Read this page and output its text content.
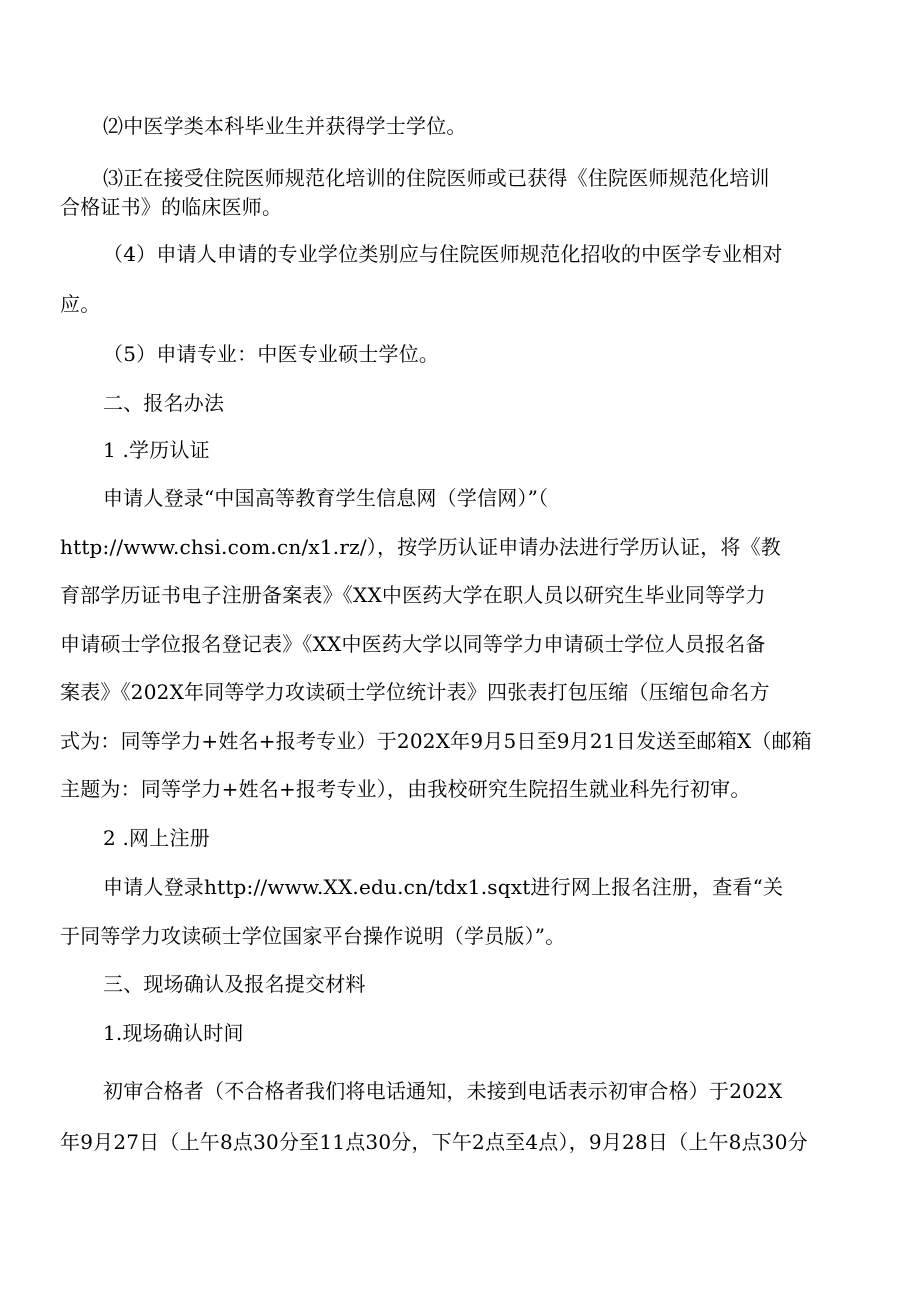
⑵中医学类本科毕业生并获得学士学位。
⑶正在接受住院医师规范化培训的住院医师或已获得《住院医师规范化培训
合格证书》的临床医师。
（4）申请人申请的专业学位类别应与住院医师规范化招收的中医学专业相对
应。
（5）申请专业：中医专业硕士学位。
二、报名办法
1 .学历认证
申请人登录“中国高等教育学生信息网（学信网）”（
http://www.chsi.com.cn/x1.rz/），按学历认证申请办法进行学历认证，将《教
育部学历证书电子注册备案表》《XX中医药大学在职人员以研究生毕业同等学力
申请硕士学位报名登记表》《XX中医药大学以同等学力申请硕士学位人员报名备
案表》《202X年同等学力攻读硕士学位统计表》四张表打包压缩（压缩包命名方
式为：同等学力+姓名+报考专业）于202X年9月5日至9月21日发送至邮箱X（邮箱
主题为：同等学力+姓名+报考专业），由我校研究生院招生就业科先行初审。
2 .网上注册
申请人登录http://www.XX.edu.cn/tdx1.sqxt进行网上报名注册，查看“关
于同等学力攻读硕士学位国家平台操作说明（学员版）”。
三、现场确认及报名提交材料
1.现场确认时间
初审合格者（不合格者我们将电话通知，未接到电话表示初审合格）于202X
年9月27日（上午8点30分至11点30分，下午2点至4点），9月28日（上午8点30分
